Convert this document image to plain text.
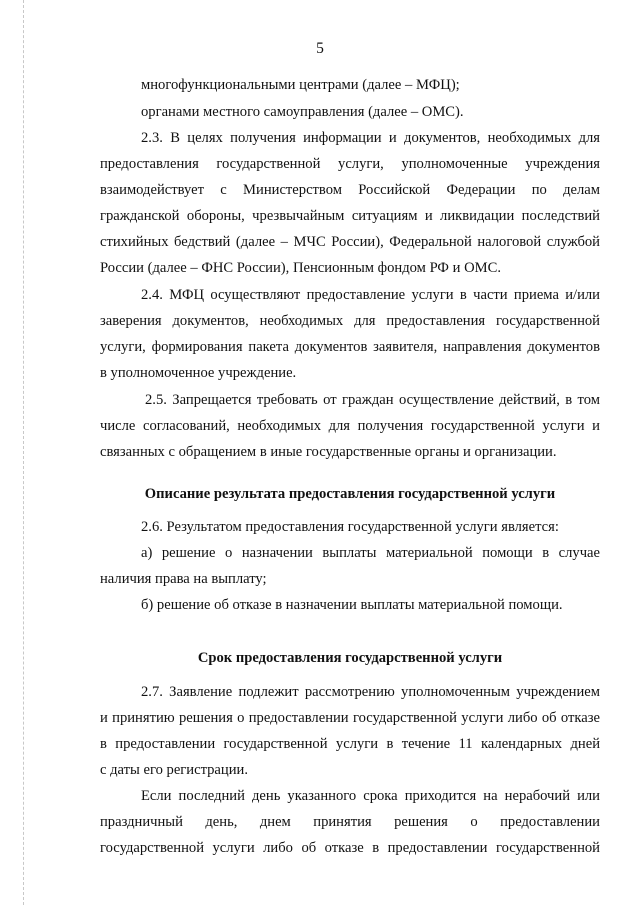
5
многофункциональными центрами (далее – МФЦ);
органами местного самоуправления (далее – ОМС).
2.3. В целях получения информации и документов, необходимых для
предоставления государственной услуги, уполномоченные учреждения
взаимодействует с Министерством Российской Федерации по делам
гражданской обороны, чрезвычайным ситуациям и ликвидации последствий
стихийных бедствий (далее – МЧС России), Федеральной налоговой службой
России (далее – ФНС России), Пенсионным фондом РФ и ОМС.
2.4. МФЦ осуществляют предоставление услуги в части приема и/или
заверения документов, необходимых для предоставления государственной
услуги, формирования пакета документов заявителя, направления документов
в уполномоченное учреждение.
2.5. Запрещается требовать от граждан осуществление действий, в том
числе согласований, необходимых для получения государственной услуги и
связанных с обращением в иные государственные органы и организации.
Описание результата предоставления государственной услуги
2.6. Результатом предоставления государственной услуги является:
а) решение о назначении выплаты материальной помощи в случае
наличия права на выплату;
б) решение об отказе в назначении выплаты материальной помощи.
Срок предоставления государственной услуги
2.7. Заявление подлежит рассмотрению уполномоченным учреждением
и принятию решения о предоставлении государственной услуги либо об отказе
в предоставлении государственной услуги в течение 11 календарных дней
с даты его регистрации.
Если последний день указанного срока приходится на нерабочий или
праздничный день, днем принятия решения о предоставлении
государственной услуги либо об отказе в предоставлении государственной
